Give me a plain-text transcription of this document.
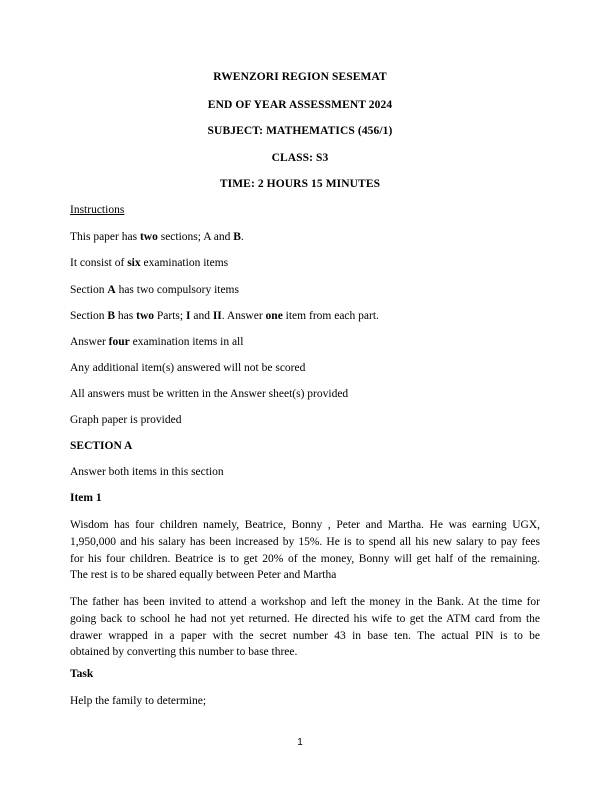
RWENZORI REGION SESEMAT
END OF YEAR ASSESSMENT 2024
SUBJECT: MATHEMATICS (456/1)
CLASS: S3
TIME: 2 HOURS 15 MINUTES
Instructions
This paper has two sections; A and B.
It consist of six examination items
Section A has two compulsory items
Section B has two Parts; I and II. Answer one item from each part.
Answer four examination items in all
Any additional item(s) answered will not be scored
All answers must be written in the Answer sheet(s) provided
Graph paper is provided
SECTION A
Answer both items in this section
Item 1
Wisdom has four children namely, Beatrice, Bonny , Peter and Martha. He was earning UGX,
1,950,000 and his salary has been increased by 15%. He is to spend all his new salary to pay fees
for his four children. Beatrice is to get 20% of the money, Bonny will get half of the remaining.
The rest is to be shared equally between Peter and Martha
The father has been invited to attend a workshop and left the money in the Bank. At the time for
going back to school he had not yet returned. He directed his wife to get the ATM card from the
drawer wrapped in a paper with the secret number 43 in base ten. The actual PIN is to be
obtained by converting this number to base three.
Task
Help the family to determine;
1
